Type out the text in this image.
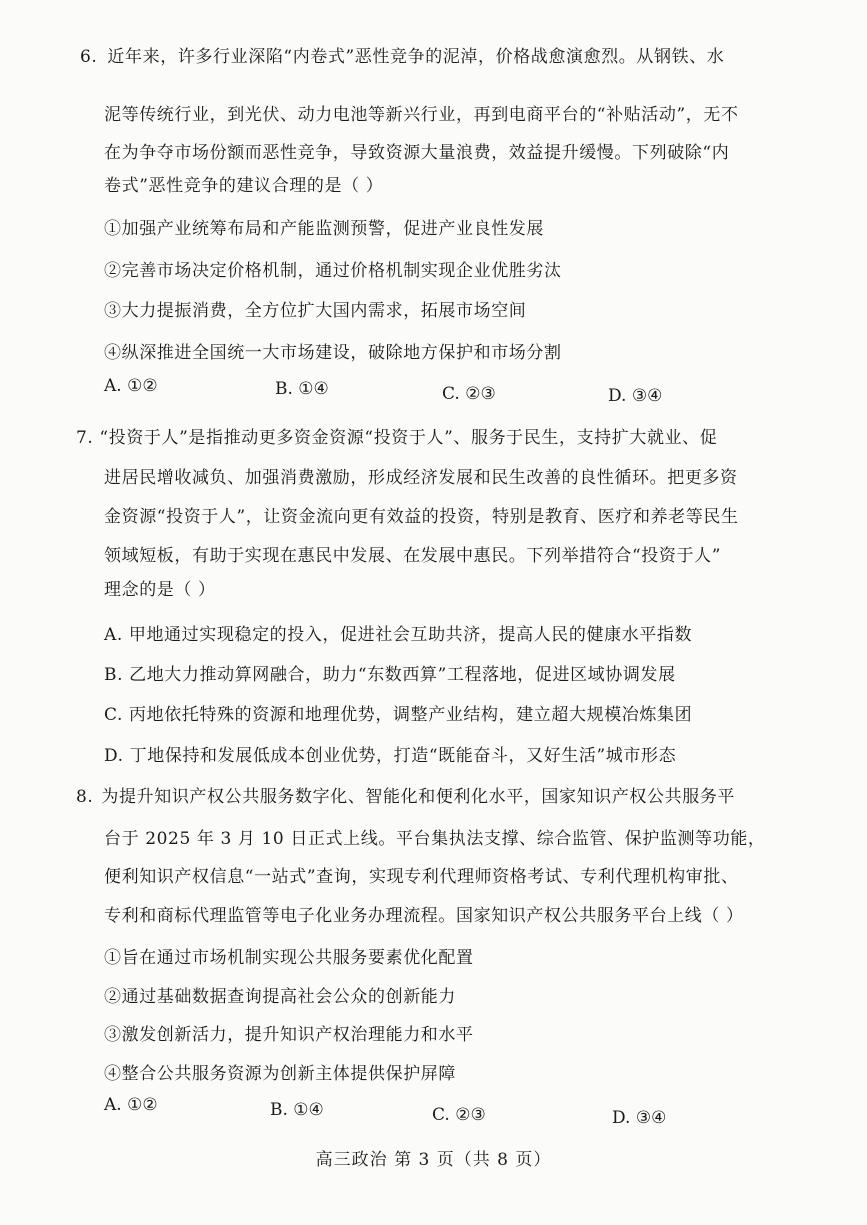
6. 近年来，许多行业深陷“内卷式”恶性竞争的泥淖，价格战愈演愈烈。从钢铁、水
泥等传统行业，到光伏、动力电池等新兴行业，再到电商平台的“补贴活动”，无不
在为争夺市场份额而恶性竞争，导致资源大量浪费，效益提升缓慢。下列破除“内
卷式”恶性竞争的建议合理的是（ ）
①加强产业统筹布局和产能监测预警，促进产业良性发展
②完善市场决定价格机制，通过价格机制实现企业优胜劣汰
③大力提振消费，全方位扩大国内需求，拓展市场空间
④纵深推进全国统一大市场建设，破除地方保护和市场分割
A. ①②	B. ①④	C. ②③	D. ③④
7. “投资于人”是指推动更多资金资源“投资于人”、服务于民生，支持扩大就业、促
进居民增收减负、加强消费激励，形成经济发展和民生改善的良性循环。把更多资
金资源“投资于人”，让资金流向更有效益的投资，特别是教育、医疗和养老等民生
领域短板，有助于实现在惠民中发展、在发展中惠民。下列举措符合“投资于人”
理念的是（ ）
A. 甲地通过实现稳定的投入，促进社会互助共济，提高人民的健康水平指数
B. 乙地大力推动算网融合，助力“东数西算”工程落地，促进区域协调发展
C. 丙地依托特殊的资源和地理优势，调整产业结构，建立超大规模冶炼集团
D. 丁地保持和发展低成本创业优势，打造“既能奋斗，又好生活”城市形态
8. 为提升知识产权公共服务数字化、智能化和便利化水平，国家知识产权公共服务平
台于 2025 年 3 月 10 日正式上线。平台集执法支撑、综合监管、保护监测等功能，
便利知识产权信息“一站式”查询，实现专利代理师资格考试、专利代理机构审批、
专利和商标代理监管等电子化业务办理流程。国家知识产权公共服务平台上线（ ）
①旨在通过市场机制实现公共服务要素优化配置
②通过基础数据查询提高社会公众的创新能力
③激发创新活力，提升知识产权治理能力和水平
④整合公共服务资源为创新主体提供保护屏障
A. ①②	B. ①④	C. ②③	D. ③④
高三政治 第 3 页（共 8 页）
